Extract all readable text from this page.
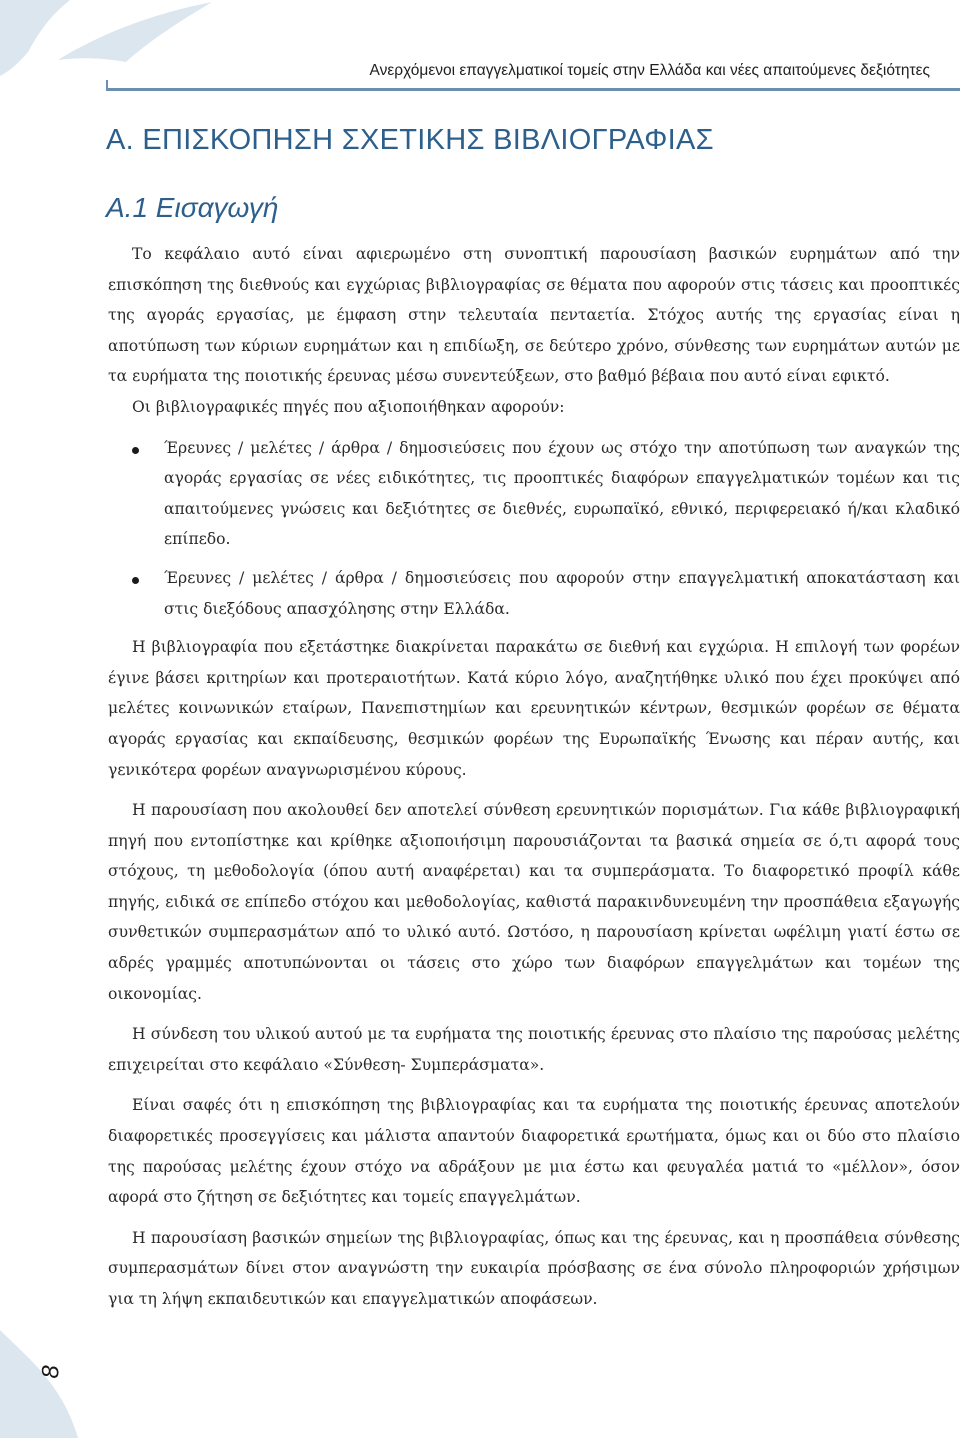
Ανερχόμενοι επαγγελματικοί τομείς στην Ελλάδα και νέες απαιτούμενες δεξιότητες
Α. ΕΠΙΣΚΟΠΗΣΗ ΣΧΕΤΙΚΗΣ ΒΙΒΛΙΟΓΡΑΦΙΑΣ
Α.1 Εισαγωγή

Το κεφάλαιο αυτό είναι αφιερωμένο στη συνοπτική παρουσίαση βασικών ευρημάτων από την επισκόπηση της διεθνούς και εγχώριας βιβλιογραφίας σε θέματα που αφορούν στις τάσεις και προοπτικές της αγοράς εργασίας, με έμφαση στην τελευταία πενταετία. Στόχος αυτής της εργασίας είναι η αποτύπωση των κύριων ευρημάτων και η επιδίωξη, σε δεύτερο χρόνο, σύνθεσης των ευρημάτων αυτών με τα ευρήματα της ποιοτικής έρευνας μέσω συνεντεύξεων, στο βαθμό βέβαια που αυτό είναι εφικτό.

Οι βιβλιογραφικές πηγές που αξιοποιήθηκαν αφορούν:

Έρευνες / μελέτες / άρθρα / δημοσιεύσεις που έχουν ως στόχο την αποτύπωση των αναγκών της αγοράς εργασίας σε νέες ειδικότητες, τις προοπτικές διαφόρων επαγγελματικών τομέων και τις απαιτούμενες γνώσεις και δεξιότητες σε διεθνές, ευρωπαϊκό, εθνικό, περιφερειακό ή/και κλαδικό επίπεδο.
Έρευνες / μελέτες / άρθρα / δημοσιεύσεις που αφορούν στην επαγγελματική αποκατάσταση και στις διεξόδους απασχόλησης στην Ελλάδα.

Η βιβλιογραφία που εξετάστηκε διακρίνεται παρακάτω σε διεθνή και εγχώρια. Η επιλογή των φορέων έγινε βάσει κριτηρίων και προτεραιοτήτων. Κατά κύριο λόγο, αναζητήθηκε υλικό που έχει προκύψει από μελέτες κοινωνικών εταίρων, Πανεπιστημίων και ερευνητικών κέντρων, θεσμικών φορέων σε θέματα αγοράς εργασίας και εκπαίδευσης, θεσμικών φορέων της Ευρωπαϊκής Ένωσης και πέραν αυτής, και γενικότερα φορέων αναγνωρισμένου κύρους.

Η παρουσίαση που ακολουθεί δεν αποτελεί σύνθεση ερευνητικών πορισμάτων. Για κάθε βιβλιογραφική πηγή που εντοπίστηκε και κρίθηκε αξιοποιήσιμη παρουσιάζονται τα βασικά σημεία σε ό,τι αφορά τους στόχους, τη μεθοδολογία (όπου αυτή αναφέρεται) και τα συμπεράσματα. Το διαφορετικό προφίλ κάθε πηγής, ειδικά σε επίπεδο στόχου και μεθοδολογίας, καθιστά παρακινδυνευμένη την προσπάθεια εξαγωγής συνθετικών συμπερασμάτων από το υλικό αυτό. Ωστόσο, η παρουσίαση κρίνεται ωφέλιμη γιατί έστω σε αδρές γραμμές αποτυπώνονται οι τάσεις στο χώρο των διαφόρων επαγγελμάτων και τομέων της οικονομίας.

Η σύνδεση του υλικού αυτού με τα ευρήματα της ποιοτικής έρευνας στο πλαίσιο της παρούσας μελέτης επιχειρείται στο κεφάλαιο «Σύνθεση- Συμπεράσματα».

Είναι σαφές ότι η επισκόπηση της βιβλιογραφίας και τα ευρήματα της ποιοτικής έρευνας αποτελούν διαφορετικές προσεγγίσεις και μάλιστα απαντούν διαφορετικά ερωτήματα, όμως και οι δύο στο πλαίσιο της παρούσας μελέτης έχουν στόχο να αδράξουν με μια έστω και φευγαλέα ματιά το «μέλλον», όσον αφορά στο ζήτηση σε δεξιότητες και τομείς επαγγελμάτων.

Η παρουσίαση βασικών σημείων της βιβλιογραφίας, όπως και της έρευνας, και η προσπάθεια σύνθεσης συμπερασμάτων δίνει στον αναγνώστη την ευκαιρία πρόσβασης σε ένα σύνολο πληροφοριών χρήσιμων για τη λήψη εκπαιδευτικών και επαγγελματικών αποφάσεων.

8
